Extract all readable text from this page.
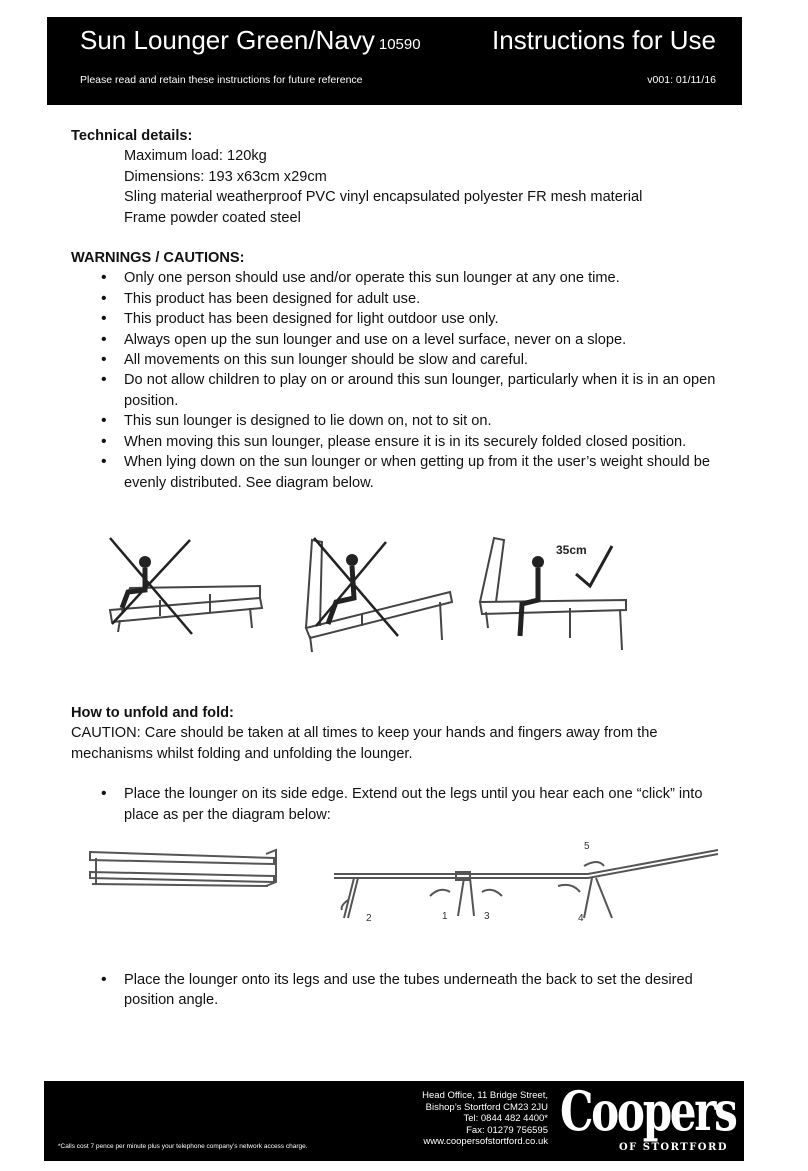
Sun Lounger Green/Navy 10590	Instructions for Use
Please read and retain these instructions for future reference	v001: 01/11/16
Technical details:
Maximum load: 120kg
Dimensions: 193 x63cm x29cm
Sling material weatherproof PVC vinyl encapsulated polyester FR mesh material
Frame powder coated steel
WARNINGS / CAUTIONS:
• Only one person should use and/or operate this sun lounger at any one time.
• This product has been designed for adult use.
• This product has been designed for light outdoor use only.
• Always open up the sun lounger and use on a level surface, never on a slope.
• All movements on this sun lounger should be slow and careful.
• Do not allow children to play on or around this sun lounger, particularly when it is in an open position.
• This sun lounger is designed to lie down on, not to sit on.
• When moving this sun lounger, please ensure it is in its securely folded closed position.
• When lying down on the sun lounger or when getting up from it the user’s weight should be evenly distributed. See diagram below.
35cm
How to unfold and fold:
CAUTION: Care should be taken at all times to keep your hands and fingers away from the mechanisms whilst folding and unfolding the lounger.
• Place the lounger on its side edge. Extend out the legs until you hear each one “click” into place as per the diagram below:
2	1	3	4
5
• Place the lounger onto its legs and use the tubes underneath the back to set the desired position angle.
*Calls cost 7 pence per minute plus your telephone company’s network access charge.
Head Office, 11 Bridge Street,
Bishop’s Stortford CM23 2JU
Tel: 0844 482 4400*
Fax: 01279 756595
www.coopersofstortford.co.uk Coopers
OF STORTFORD
